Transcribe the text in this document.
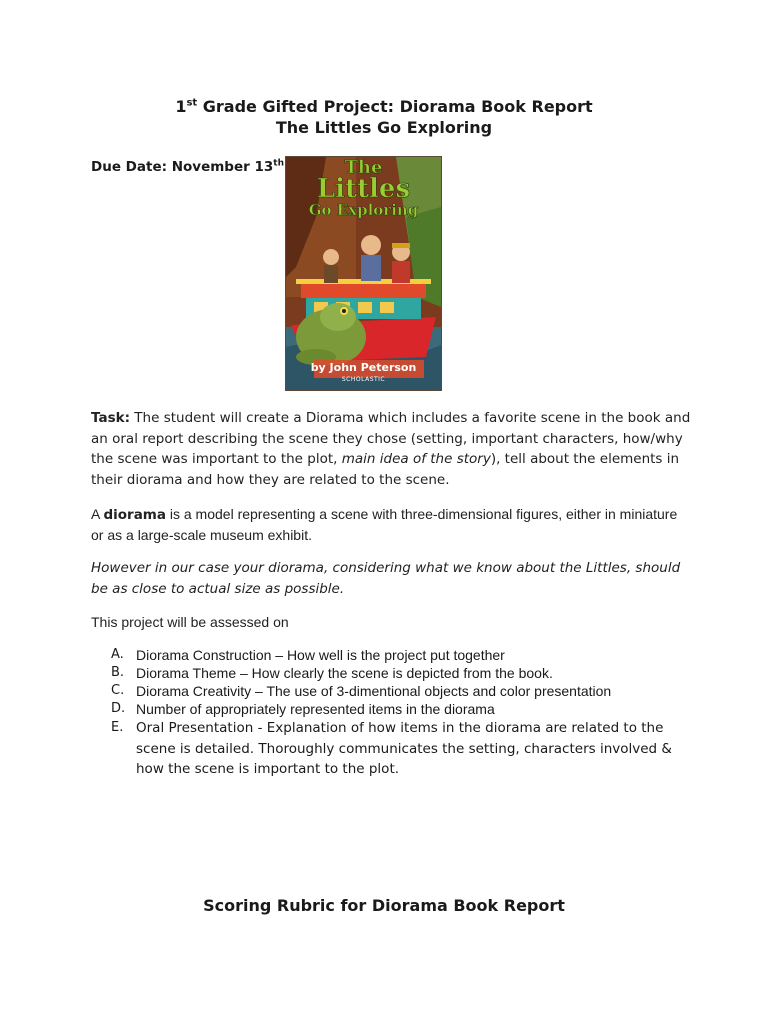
1st Grade Gifted Project: Diorama Book Report
The Littles Go Exploring
Due Date: November 13th	The
Littles
Go Exploring
by John Peterson
SCHOLASTIC
Task: The student will create a Diorama which includes a favorite scene in the book and an oral report describing the scene they chose (setting, important characters, how/why the scene was important to the plot, main idea of the story), tell about the elements in their diorama and how they are related to the scene.
A diorama is a model representing a scene with three-dimensional figures, either in miniature or as a large-scale museum exhibit.
However in our case your diorama, considering what we know about the Littles, should be as close to actual size as possible.
This project will be assessed on
A. Diorama Construction – How well is the project put together
B. Diorama Theme – How clearly the scene is depicted from the book.
C. Diorama Creativity – The use of 3-dimentional objects and color presentation
D. Number of appropriately represented items in the diorama
E. Oral Presentation - Explanation of how items in the diorama are related to the scene is detailed. Thoroughly communicates the setting, characters involved & how the scene is important to the plot.
Scoring Rubric for Diorama Book Report
